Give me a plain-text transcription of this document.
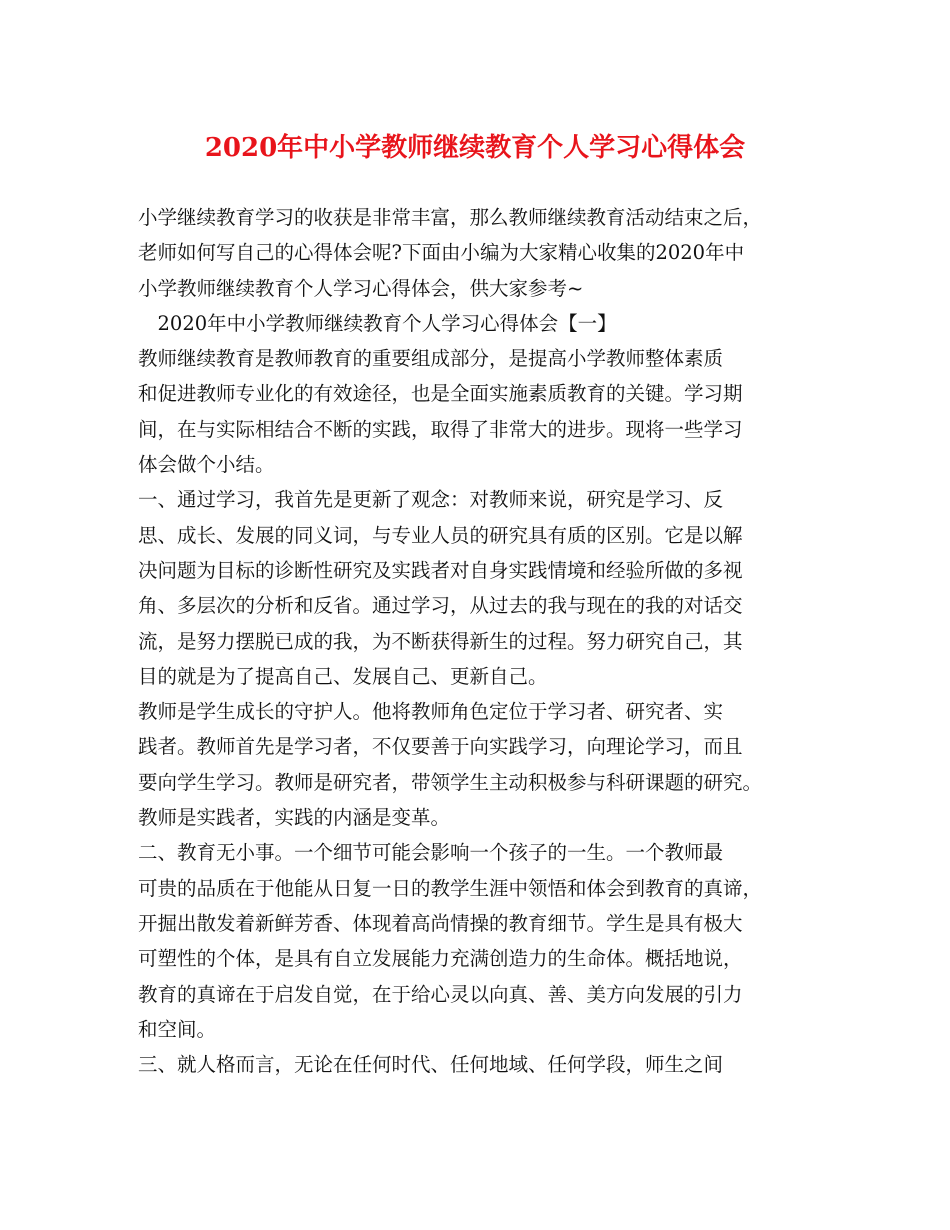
2020年中小学教师继续教育个人学习心得体会
小学继续教育学习的收获是非常丰富，那么教师继续教育活动结束之后，
老师如何写自己的心得体会呢?下面由小编为大家精心收集的2020年中
小学教师继续教育个人学习心得体会，供大家参考~
　2020年中小学教师继续教育个人学习心得体会【一】
教师继续教育是教师教育的重要组成部分，是提高小学教师整体素质
和促进教师专业化的有效途径，也是全面实施素质教育的关键。学习期
间，在与实际相结合不断的实践，取得了非常大的进步。现将一些学习
体会做个小结。
一、通过学习，我首先是更新了观念：对教师来说，研究是学习、反
思、成长、发展的同义词，与专业人员的研究具有质的区别。它是以解
决问题为目标的诊断性研究及实践者对自身实践情境和经验所做的多视
角、多层次的分析和反省。通过学习，从过去的我与现在的我的对话交
流，是努力摆脱已成的我，为不断获得新生的过程。努力研究自己，其
目的就是为了提高自己、发展自己、更新自己。
教师是学生成长的守护人。他将教师角色定位于学习者、研究者、实
践者。教师首先是学习者，不仅要善于向实践学习，向理论学习，而且
要向学生学习。教师是研究者，带领学生主动积极参与科研课题的研究。
教师是实践者，实践的内涵是变革。
二、教育无小事。一个细节可能会影响一个孩子的一生。一个教师最
可贵的品质在于他能从日复一日的教学生涯中领悟和体会到教育的真谛，
开掘出散发着新鲜芳香、体现着高尚情操的教育细节。学生是具有极大
可塑性的个体，是具有自立发展能力充满创造力的生命体。概括地说，
教育的真谛在于启发自觉，在于给心灵以向真、善、美方向发展的引力
和空间。
三、就人格而言，无论在任何时代、任何地域、任何学段，师生之间
